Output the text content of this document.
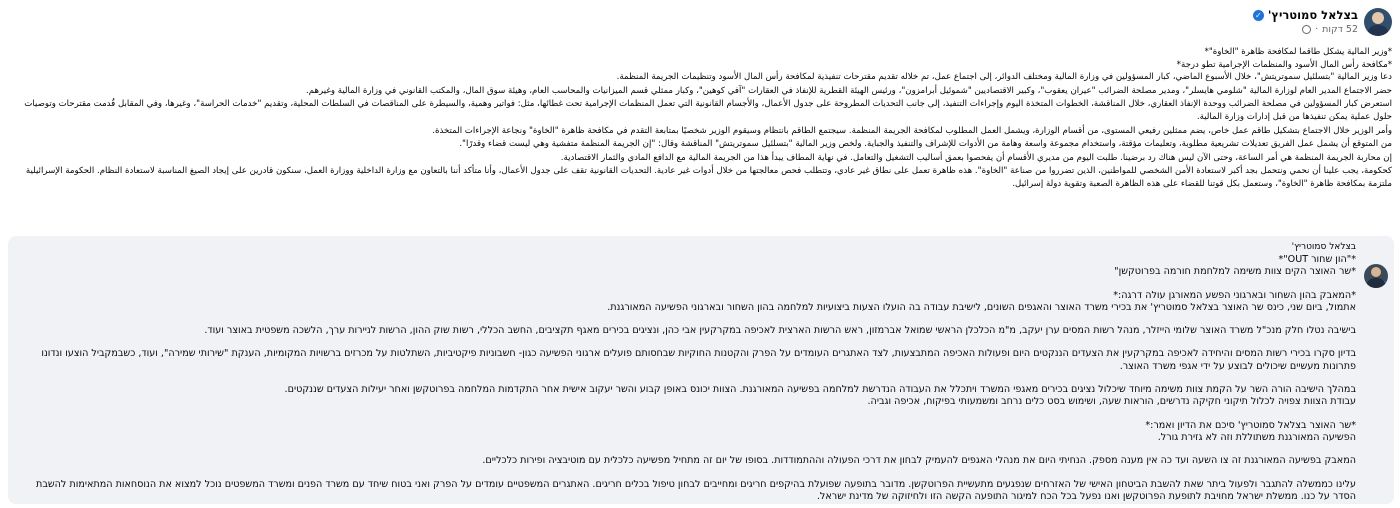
בצלאל סמוטריץ'
✓
52 דקות
·

*وزير المالية يشكل طاقما لمكافحة ظاهرة "الخاوة"*

*مكافحة رأس المال الأسود والمنظمات الإجرامية تطو درجة*

دعا وزير المالية "بتسلئيل سموتريتش"، خلال الأسبوع الماضي، كبار المسؤولين في وزارة المالية ومختلف الدوائر، إلى اجتماع عمل، تم خلاله تقديم مقترحات تنفيذية لمكافحة رأس المال الأسود وتنظيمات الجريمة المنظمة.

حضر الاجتماع المدير العام لوزارة المالية "شلومي هايسلر"، ومدير مصلحة الضرائب "عيران يعقوب"، وكبير الاقتصاديين "شموئيل أبرامزون"، ورئيس الهيئة القطرية للإنفاذ في العقارات "آفي كوهين"، وكبار ممثلي قسم الميزانيات والمحاسب العام، وهيئة سوق المال، والمكتب القانوني في وزارة المالية وغيرهم.

استعرض كبار المسؤولين في مصلحة الضرائب ووحدة الإنفاذ العقاري، خلال المناقشة، الخطوات المتخذة اليوم وإجراءات التنفيذ، إلى جانب التحديات المطروحة على جدول الأعمال، والأجسام القانونية التي تعمل المنظمات الإجرامية تحت غطائها، مثل: فواتير وهمية، والسيطرة على المناقصات في السلطات المحلية، وتقديم "خدمات الحراسة"، وغيرها، وفي المقابل قُدمت مقترحات وتوصيات حلول عملية يمكن تنفيذها من قبل إدارات وزارة المالية.

وأمر الوزير خلال الاجتماع بتشكيل طاقم عمل خاص، يضم ممثلين رفيعي المستوى، من أقسام الوزارة، ويشمل العمل المطلوب لمكافحة الجريمة المنظمة. سيجتمع الطاقم بانتظام وسيقوم الوزير شخصيًا بمتابعة التقدم في مكافحة ظاهرة "الخاوة" ونجاعة الإجراءات المتخذة.

من المتوقع أن يشمل عمل الفريق تعديلات تشريعية مطلوبة، وتعليمات مؤقتة، واستخدام مجموعة واسعة وهامة من الأدوات للإشراف والتنفيذ والجباية. ولخص وزير المالية "بتسلئيل سموتريتش" المناقشة وقال: "إن الجريمة المنظمة متفشية وهي ليست قضاء وقدرًا".

إن محاربة الجريمة المنظمة هي أمر الساعة، وحتى الآن ليس هناك رد برضينا. طلبت اليوم من مديري الأقسام أن يفحصوا بعمق أساليب التشغيل والتعامل. في نهاية المطاف يبدأ هذا من الجريمة المالية مع الدافع المادي والثمار الاقتصادية.

كحكومة، يجب علينا أن نحمي ونتحمل بجد أكبر لاستعادة الأمن الشخصي للمواطنين، الذين تضرروا من صناعة "الخاوة". هذه ظاهرة تعمل على نطاق غير عادي، وتتطلب فحص معالجتها من خلال أدوات غير عادية. التحديات القانونية تقف على جدول الأعمال، وأنا متأكد أننا بالتعاون مع وزارة الداخلية ووزارة العمل، سنكون قادرين على إيجاد الصيغ المناسبة لاستعادة النظام. الحكومة الإسرائيلية ملتزمة بمكافحة ظاهرة "الخاوة"، وستعمل بكل قوتنا للقضاء على هذه الظاهرة الصعبة وتقوية دولة إسرائيل.

בצלאל סמוטריץ'

*"הון שחור OUT"*

*שר האוצר הקים צוות משימה למלחמת חורמה בפרוטקשן"

*המאבק בהון השחור ובארגוני הפשע המאורגן עולה דרגה:*
אתמול, ביום שני, כינס שר האוצר בצלאל סמוטריץ' את בכירי משרד האוצר והאגפים השונים, לישיבת עבודה בה הועלו הצעות ביצועיות למלחמה בהון השחור ובארגוני הפשיעה המאורגנת.

בישיבה נטלו חלק מנכ"ל משרד האוצר שלומי הייזלר, מנהל רשות המסים ערן יעקב, מ"מ הכלכלן הראשי שמואל אברמזון, ראש הרשות הארצית לאכיפה במקרקעין אבי כהן, ונציגים בכירים מאגף תקציבים, החשב הכללי, רשות שוק ההון, הרשות לניירות ערך, הלשכה משפטית באוצר ועוד.

בדיון סקרו בכירי רשות המסים והיחידה לאכיפה במקרקעין את הצעדים הננקטים היום ופעולות האכיפה המתבצעות, לצד האתגרים העומדים על הפרק והקטנות החוקיות שבחסותם פועלים ארגוני הפשיעה כגון- חשבוניות פיקטיביות, השתלטות על מכרזים ברשויות המקומיות, הענקת "שירותי שמירה", ועוד, כשבמקביל הוצעו ונדונו פתרונות מעשיים שיכולים לבוצע על ידי אגפי משרד האוצר.

במהלך הישיבה הורה השר על הקמת צוות משימה מיוחד שיכלול נציגים בכירים מאגפי המשרד ויתכלל את העבודה הנדרשת למלחמה בפשיעה המאורגנת. הצוות יכונס באופן קבוע והשר יעקוב אישית אחר התקדמות המלחמה בפרוטקשן ואחר יעילות הצעדים שננקטים.
עבודת הצוות צפויה לכלול תיקוני חקיקה נדרשים, הוראות שעה, ושימוש בסט כלים נרחב ומשמעותי בפיקוח, אכיפה וגביה.

*שר האוצר בצלאל סמוטריץ' סיכם את הדיון ואמר:*
הפשיעה המאורגנת משתוללת וזה לא גזירת גורל.

המאבק בפשיעה המאורגנת זה צו השעה ועד כה אין מענה מספק. הנחיתי היום את מנהלי האגפים להעמיק לבחון את דרכי הפעולה וההתמודדות. בסופו של יום זה מתחיל מפשיעה כלכלית עם מוטיבציה ופירות כלכליים.

עלינו כממשלה להתגבר ולפעול ביתר שאת להשבת הביטחון האישי של האזרחים שנפגעים מתעשיית הפרוטקשן. מדובר בתופעה שפועלת בהיקפים חריגים ומחייבים לבחון טיפול בכלים חריגים. האתגרים המשפטיים עומדים על הפרק ואני בטוח שיחד עם משרד הפנים ומשרד המשפטים נוכל למצוא את הנוסחאות המתאימות להשבת הסדר על כנו. ממשלת ישראל מחויבת לתופעת הפרוטקשן ואנו נפעל בכל הכח למיגור התופעה הקשה הזו ולחיזוקה של מדינת ישראל.
